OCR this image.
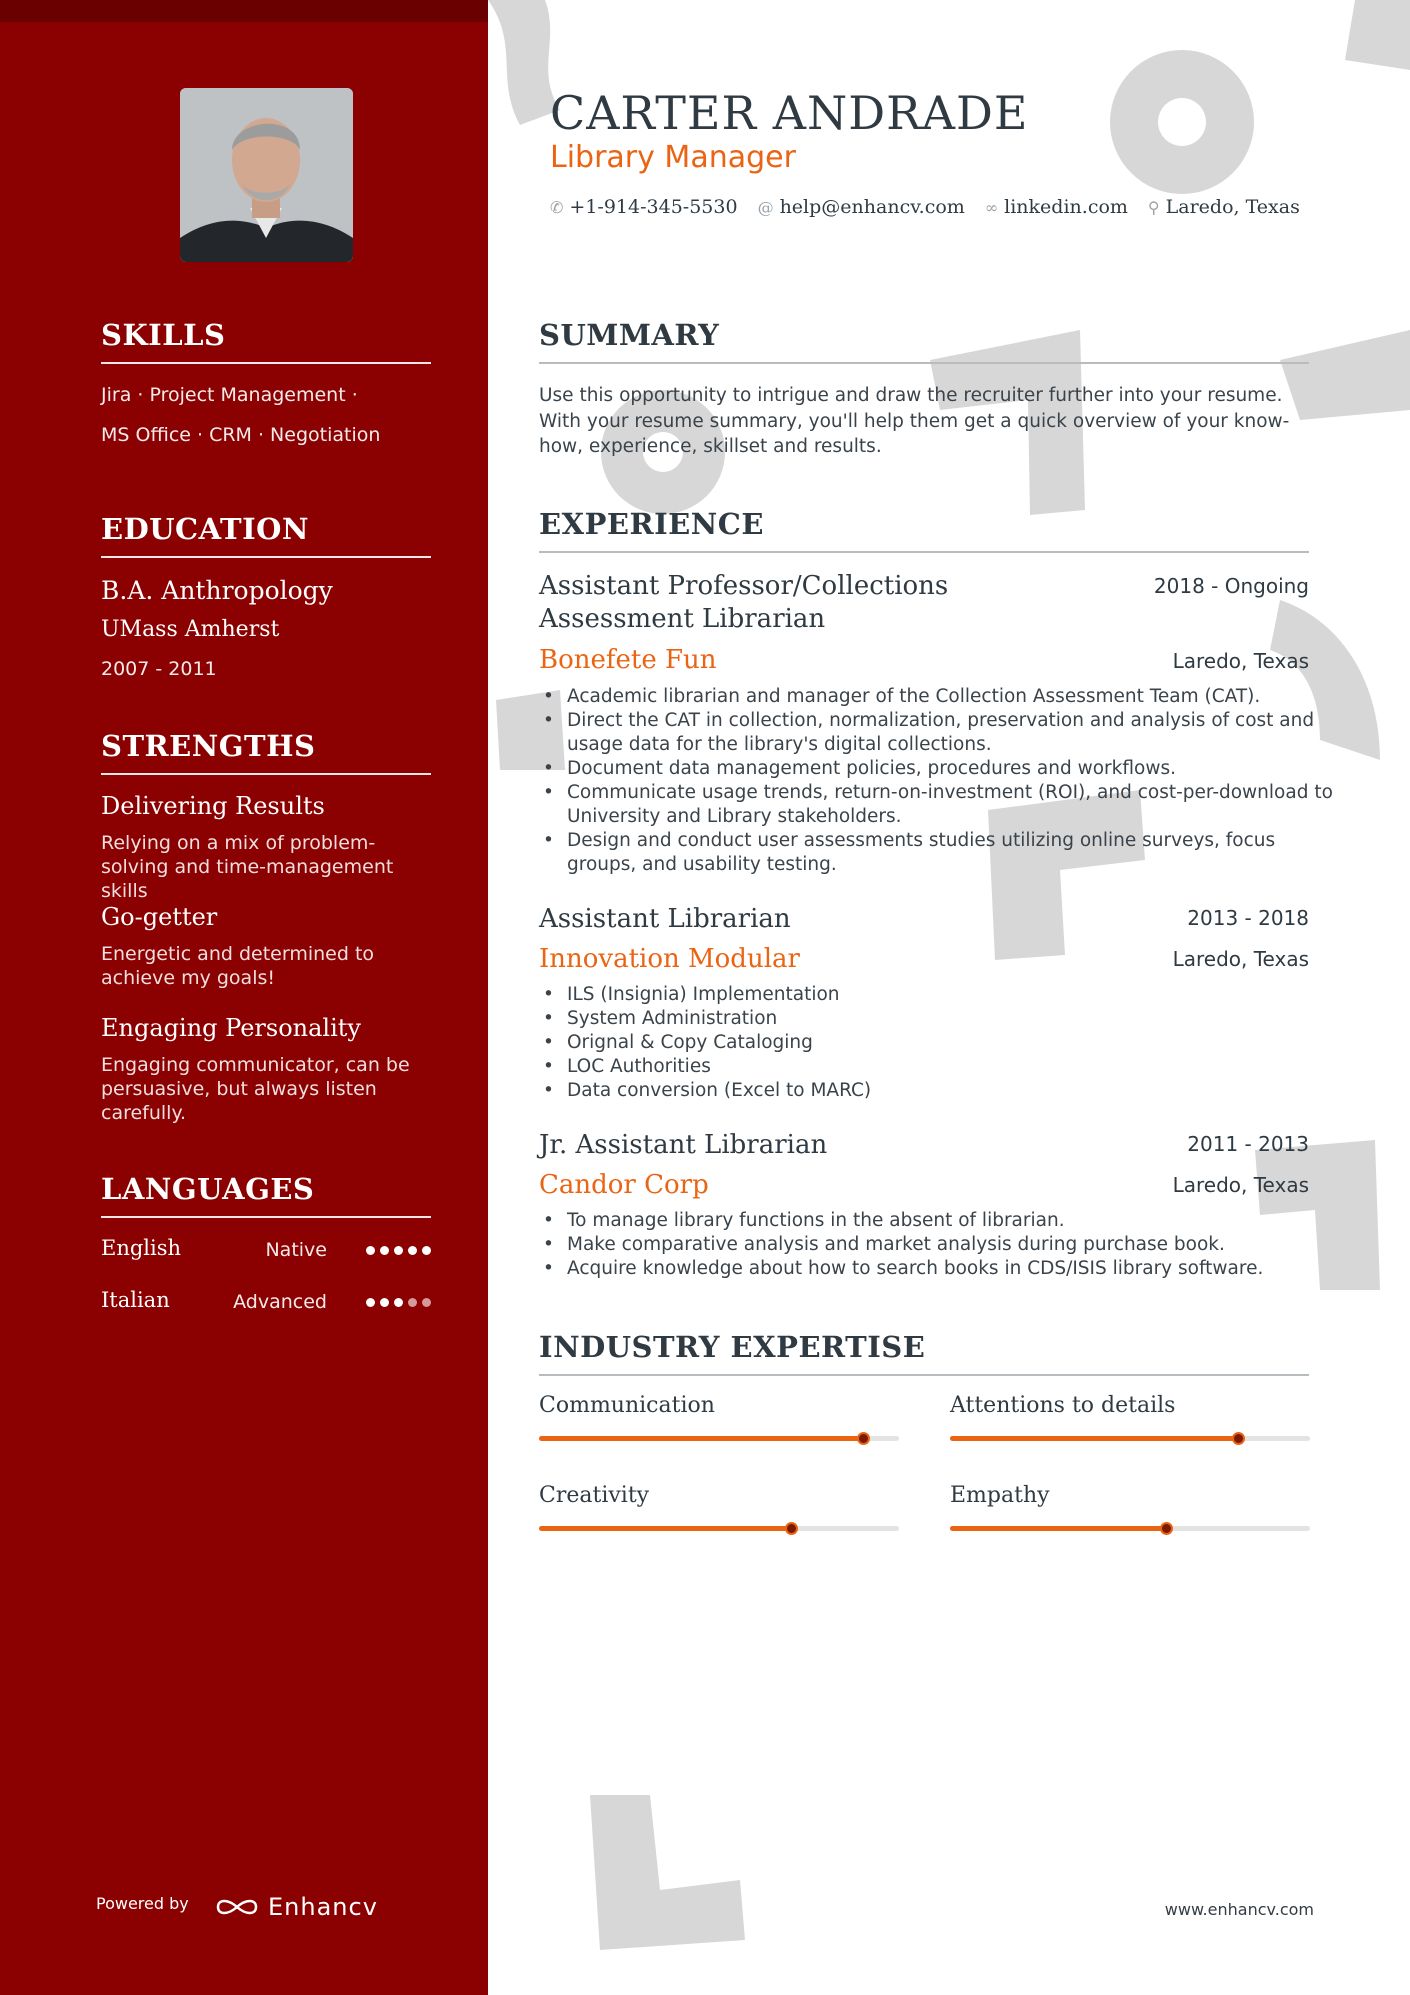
SKILLS
Jira · Project Management ·
MS Office · CRM · Negotiation
EDUCATION
B.A. Anthropology
UMass Amherst
2007 - 2011
STRENGTHS
Delivering Results
Relying on a mix of problem-solving and time-management skills
Go-getter
Energetic and determined to achieve my goals!
Engaging Personality
Engaging communicator, can be persuasive, but always listen carefully.
LANGUAGES
English	Native
Italian	Advanced
Powered by	Enhancv
CARTER ANDRADE
Library Manager
✆ +1-914-345-5530 @ help@enhancv.com ∞ linkedin.com ⚲ Laredo, Texas
SUMMARY
Use this opportunity to intrigue and draw the recruiter further into your resume. With your resume summary, you'll help them get a quick overview of your know-how, experience, skillset and results.
EXPERIENCE
Assistant Professor/Collections Assessment Librarian
2018 - Ongoing
Bonefete Fun	Laredo, Texas
• Academic librarian and manager of the Collection Assessment Team (CAT).
• Direct the CAT in collection, normalization, preservation and analysis of cost and usage data for the library's digital collections.
• Document data management policies, procedures and workflows.
• Communicate usage trends, return-on-investment (ROI), and cost-per-download to University and Library stakeholders.
• Design and conduct user assessments studies utilizing online surveys, focus groups, and usability testing.
Assistant Librarian	2013 - 2018
Innovation Modular	Laredo, Texas
• ILS (Insignia) Implementation
• System Administration
• Orignal & Copy Cataloging
• LOC Authorities
• Data conversion (Excel to MARC)
Jr. Assistant Librarian	2011 - 2013
Candor Corp	Laredo, Texas
• To manage library functions in the absent of librarian.
• Make comparative analysis and market analysis during purchase book.
• Acquire knowledge about how to search books in CDS/ISIS library software.
INDUSTRY EXPERTISE
Communication	Attentions to details
Creativity	Empathy
www.enhancv.com
